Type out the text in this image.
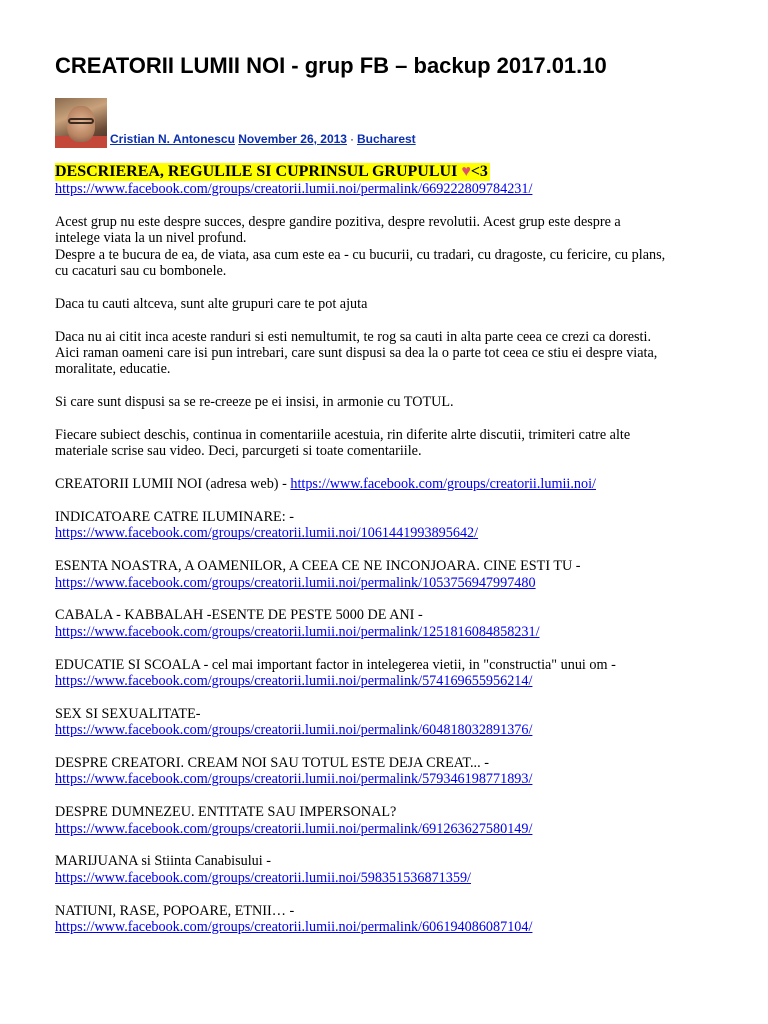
CREATORII LUMII NOI - grup FB – backup 2017.01.10
Cristian N. Antonescu November 26, 2013 · Bucharest
DESCRIEREA, REGULILE SI CUPRINSUL GRUPULUI ♥<3
https://www.facebook.com/groups/creatorii.lumii.noi/permalink/669222809784231/

Acest grup nu este despre succes, despre gandire pozitiva, despre revolutii. Acest grup este despre a

intelege viata la un nivel profund.

Despre a te bucura de ea, de viata, asa cum este ea - cu bucurii, cu tradari, cu dragoste, cu fericire, cu plans,

cu cacaturi sau cu bombonele.

Daca tu cauti altceva, sunt alte grupuri care te pot ajuta

Daca nu ai citit inca aceste randuri si esti nemultumit, te rog sa cauti in alta parte ceea ce crezi ca doresti.

Aici raman oameni care isi pun intrebari, care sunt dispusi sa dea la o parte tot ceea ce stiu ei despre viata,

moralitate, educatie.

Si care sunt dispusi sa se re-creeze pe ei insisi, in armonie cu TOTUL.

Fiecare subiect deschis, continua in comentariile acestuia, rin diferite alrte discutii, trimiteri catre alte

materiale scrise sau video. Deci, parcurgeti si toate comentariile.

CREATORII LUMII NOI (adresa web) - https://www.facebook.com/groups/creatorii.lumii.noi/

INDICATOARE CATRE ILUMINARE: -

https://www.facebook.com/groups/creatorii.lumii.noi/1061441993895642/

ESENTA NOASTRA, A OAMENILOR, A CEEA CE NE INCONJOARA. CINE ESTI TU -

https://www.facebook.com/groups/creatorii.lumii.noi/permalink/1053756947997480

CABALA - KABBALAH -ESENTE DE PESTE 5000 DE ANI -

https://www.facebook.com/groups/creatorii.lumii.noi/permalink/1251816084858231/

EDUCATIE SI SCOALA - cel mai important factor in intelegerea vietii, in "constructia" unui om -

https://www.facebook.com/groups/creatorii.lumii.noi/permalink/574169655956214/

SEX SI SEXUALITATE-

https://www.facebook.com/groups/creatorii.lumii.noi/permalink/604818032891376/

DESPRE CREATORI. CREAM NOI SAU TOTUL ESTE DEJA CREAT... -

https://www.facebook.com/groups/creatorii.lumii.noi/permalink/579346198771893/

DESPRE DUMNEZEU. ENTITATE SAU IMPERSONAL?

https://www.facebook.com/groups/creatorii.lumii.noi/permalink/691263627580149/

MARIJUANA si Stiinta Canabisului -

https://www.facebook.com/groups/creatorii.lumii.noi/598351536871359/

NATIUNI, RASE, POPOARE, ETNII… -

https://www.facebook.com/groups/creatorii.lumii.noi/permalink/606194086087104/
